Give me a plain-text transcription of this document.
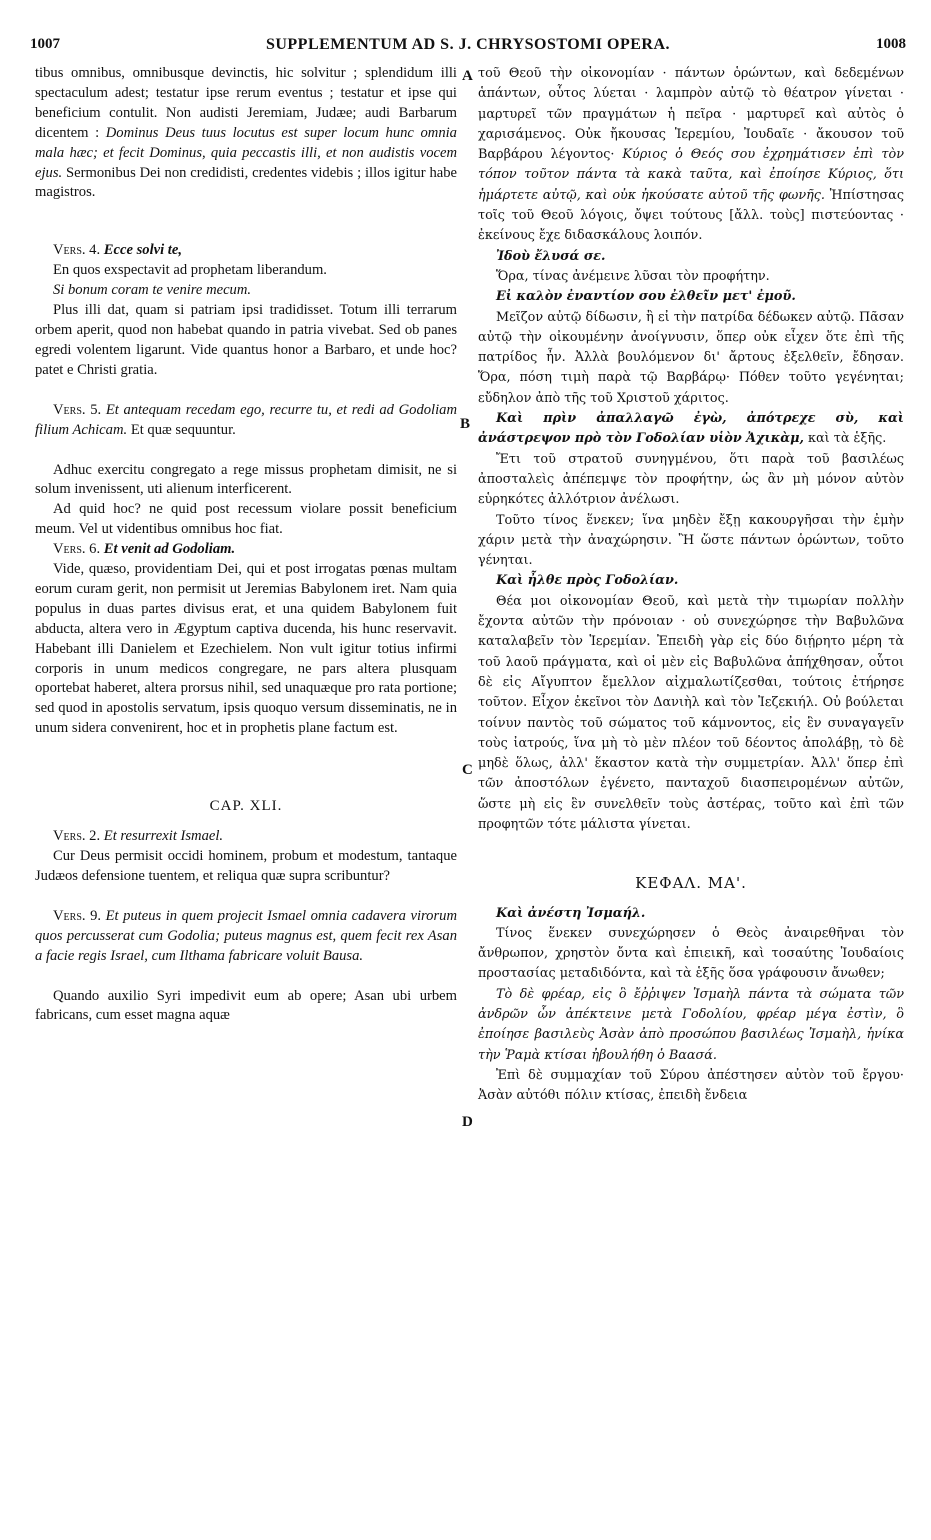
1007	SUPPLEMENTUM AD S. J. CHRYSOSTOMI OPERA.	1008
A
B
C
D

tibus omnibus, omnibusque devinctis, hic solvitur ; splendidum illi spectaculum adest; testatur ipse rerum eventus ; testatur et ipse qui beneficium contulit. Non audisti Jeremiam, Judæe; audi Barbarum dicentem : Dominus Deus tuus locutus est super locum hunc omnia mala hæc; et fecit Dominus, quia peccastis illi, et non audistis vocem ejus. Sermonibus Dei non credidisti, credentes videbis ; illos igitur habe magistros.

Vers. 4. Ecce solvi te,

En quos exspectavit ad prophetam liberandum.

Si bonum coram te venire mecum.

Plus illi dat, quam si patriam ipsi tradidisset. Totum illi terrarum orbem aperit, quod non habebat quando in patria vivebat. Sed ob panes egredi volentem ligarunt. Vide quantus honor a Barbaro, et unde hoc? patet e Christi gratia.

Vers. 5. Et antequam recedam ego, recurre tu, et redi ad Godoliam filium Achicam. Et quæ sequuntur.

Adhuc exercitu congregato a rege missus prophetam dimisit, ne si solum invenissent, uti alienum interficerent.

Ad quid hoc? ne quid post recessum violare possit beneficium meum. Vel ut videntibus omnibus hoc fiat.

Vers. 6. Et venit ad Godoliam.

Vide, quæso, providentiam Dei, qui et post irrogatas pœnas multam eorum curam gerit, non permisit ut Jeremias Babylonem iret. Nam quia populus in duas partes divisus erat, et una quidem Babylonem fuit abducta, altera vero in Ægyptum captiva ducenda, his hunc reservavit. Habebant illi Danielem et Ezechielem. Non vult igitur totius infirmi corporis in unum medicos congregare, ne pars altera plusquam oportebat haberet, altera prorsus nihil, sed unaquæque pro rata portione; sed quod in apostolis servatum, ipsis quoquo versum disseminatis, ne in unum sidera convenirent, hoc et in prophetis plane factum est.

CAP. XLI.

Vers. 2. Et resurrexit Ismael.

Cur Deus permisit occidi hominem, probum et modestum, tantaque Judæos defensione tuentem, et reliqua quæ supra scribuntur?

Vers. 9. Et puteus in quem projecit Ismael omnia cadavera virorum quos percusserat cum Godolia; puteus magnus est, quem fecit rex Asan a facie regis Israel, cum Ilthama fabricare voluit Bausa.

Quando auxilio Syri impedivit eum ab opere; Asan ubi urbem fabricans, cum esset magna aquæ

τοῦ Θεοῦ τὴν οἰκονομίαν · πάντων ὁρώντων, καὶ δεδεμένων ἁπάντων, οὗτος λύεται · λαμπρὸν αὐτῷ τὸ θέατρον γίνεται · μαρτυρεῖ τῶν πραγμάτων ἡ πεῖρα · μαρτυρεῖ καὶ αὐτὸς ὁ χαρισάμενος. Οὐκ ἤκουσας Ἱερεμίου, Ἰουδαῖε · ἄκουσον τοῦ Βαρβάρου λέγοντος· Κύριος ὁ Θεός σου ἐχρημάτισεν ἐπὶ τὸν τόπον τοῦτον πάντα τὰ κακὰ ταῦτα, καὶ ἐποίησε Κύριος, ὅτι ἡμάρτετε αὐτῷ, καὶ οὐκ ἠκούσατε αὐτοῦ τῆς φωνῆς. Ἠπίστησας τοῖς τοῦ Θεοῦ λόγοις, ὄψει τούτους [ἄλλ. τοὺς] πιστεύοντας · ἐκείνους ἔχε διδασκάλους λοιπόν.

Ἰδοὺ ἔλυσά σε.

Ὅρα, τίνας ἀνέμεινε λῦσαι τὸν προφήτην.

Εἰ καλὸν ἐναντίον σου ἐλθεῖν μετ' ἐμοῦ.

Μεῖζον αὐτῷ δίδωσιν, ἢ εἰ τὴν πατρίδα δέδωκεν αὐτῷ. Πᾶσαν αὐτῷ τὴν οἰκουμένην ἀνοίγνυσιν, ὅπερ οὐκ εἶχεν ὅτε ἐπὶ τῆς πατρίδος ἦν. Ἀλλὰ βουλόμενον δι' ἄρτους ἐξελθεῖν, ἔδησαν. Ὅρα, πόση τιμὴ παρὰ τῷ Βαρβάρῳ· Πόθεν τοῦτο γεγένηται; εὔδηλον ἀπὸ τῆς τοῦ Χριστοῦ χάριτος.

Καὶ πρὶν ἀπαλλαγῶ ἐγὼ, ἀπότρεχε σὺ, καὶ ἀνάστρεψον πρὸ τὸν Γοδολίαν υἱὸν Ἀχικὰμ, καὶ τὰ ἑξῆς.

Ἔτι τοῦ στρατοῦ συνηγμένου, ὅτι παρὰ τοῦ βασιλέως ἀποσταλεὶς ἀπέπεμψε τὸν προφήτην, ὡς ἂν μὴ μόνον αὐτὸν εὑρηκότες ἀλλότριον ἀνέλωσι.

Τοῦτο τίνος ἕνεκεν; ἵνα μηδὲν ἔξῃ κακουργῆσαι τὴν ἐμὴν χάριν μετὰ τὴν ἀναχώρησιν. Ἢ ὥστε πάντων ὁρώντων, τοῦτο γένηται.

Καὶ ἦλθε πρὸς Γοδολίαν.

Θέα μοι οἰκονομίαν Θεοῦ, καὶ μετὰ τὴν τιμωρίαν πολλὴν ἔχοντα αὐτῶν τὴν πρόνοιαν · οὐ συνεχώρησε τὴν Βαβυλῶνα καταλαβεῖν τὸν Ἱερεμίαν. Ἐπειδὴ γὰρ εἰς δύο διῄρητο μέρη τὰ τοῦ λαοῦ πράγματα, καὶ οἱ μὲν εἰς Βαβυλῶνα ἀπήχθησαν, οὗτοι δὲ εἰς Αἴγυπτον ἔμελλον αἰχμαλωτίζεσθαι, τούτοις ἐτήρησε τοῦτον. Εἶχον ἐκεῖνοι τὸν Δανιὴλ καὶ τὸν Ἰεζεκιήλ. Οὐ βούλεται τοίνυν παντὸς τοῦ σώματος τοῦ κάμνοντος, εἰς ἓν συναγαγεῖν τοὺς ἰατρούς, ἵνα μὴ τὸ μὲν πλέον τοῦ δέοντος ἀπολάβῃ, τὸ δὲ μηδὲ ὅλως, ἀλλ' ἕκαστον κατὰ τὴν συμμετρίαν. Ἀλλ' ὅπερ ἐπὶ τῶν ἀποστόλων ἐγένετο, πανταχοῦ διασπειρομένων αὐτῶν, ὥστε μὴ εἰς ἓν συνελθεῖν τοὺς ἀστέρας, τοῦτο καὶ ἐπὶ τῶν προφητῶν τότε μάλιστα γίνεται.

ΚΕΦΑΛ. ΜΑ'.

Καὶ ἀνέστη Ἰσμαήλ.

Τίνος ἕνεκεν συνεχώρησεν ὁ Θεὸς ἀναιρεθῆναι τὸν ἄνθρωπον, χρηστὸν ὄντα καὶ ἐπιεικῆ, καὶ τοσαύτης Ἰουδαίοις προστασίας μεταδιδόντα, καὶ τὰ ἑξῆς ὅσα γράφουσιν ἄνωθεν;

Τὸ δὲ φρέαρ, εἰς ὃ ἔῤῥιψεν Ἰσμαὴλ πάντα τὰ σώματα τῶν ἀνδρῶν ὧν ἀπέκτεινε μετὰ Γοδολίου, φρέαρ μέγα ἐστὶν, ὃ ἐποίησε βασιλεὺς Ἀσὰν ἀπὸ προσώπου βασιλέως Ἰσμαὴλ, ἡνίκα τὴν Ῥαμὰ κτίσαι ἠβουλήθη ὁ Βαασά.

Ἐπὶ δὲ συμμαχίαν τοῦ Σύρου ἀπέστησεν αὐτὸν τοῦ ἔργου· Ἀσὰν αὐτόθι πόλιν κτίσας, ἐπειδὴ ἔνδεια
